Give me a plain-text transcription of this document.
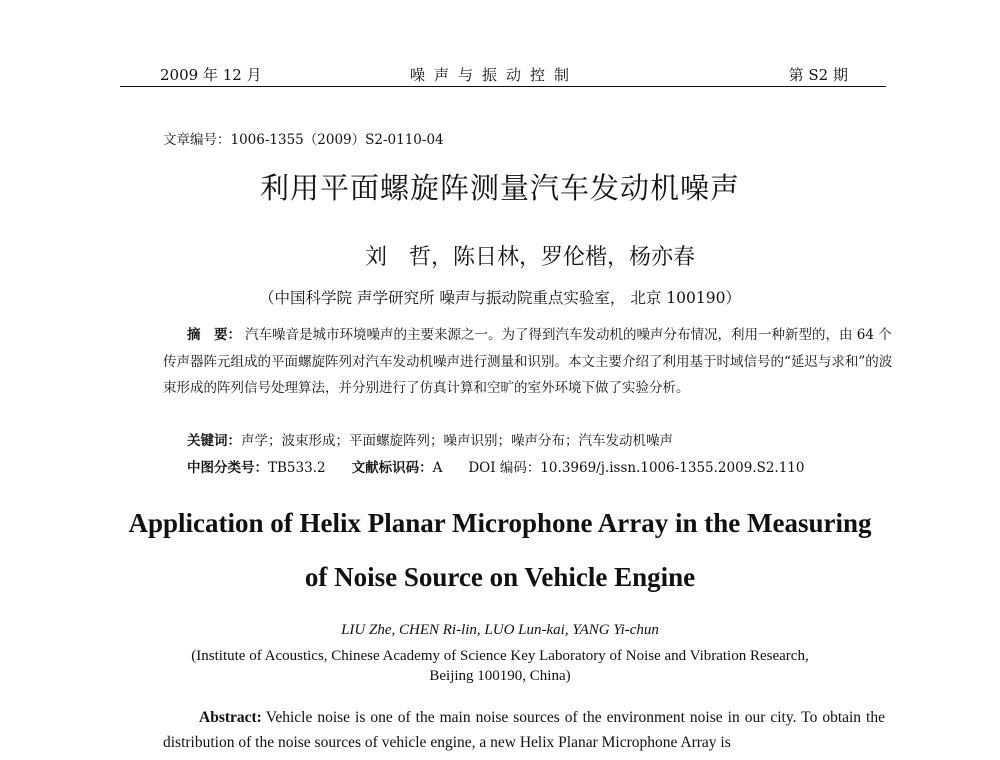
2009 年 12 月	噪声与振动控制	第 S2 期
文章编号：1006-1355（2009）S2-0110-04
利用平面螺旋阵测量汽车发动机噪声
刘　哲，陈日林，罗伦楷，杨亦春
（中国科学院 声学研究所 噪声与振动院重点实验室， 北京 100190）
摘　要： 汽车噪音是城市环境噪声的主要来源之一。为了得到汽车发动机的噪声分布情况，利用一种新型的，由 64 个传声器阵元组成的平面螺旋阵列对汽车发动机噪声进行测量和识别。本文主要介绍了利用基于时域信号的“延迟与求和”的波束形成的阵列信号处理算法，并分别进行了仿真计算和空旷的室外环境下做了实验分析。
关键词：声学；波束形成；平面螺旋阵列；噪声识别；噪声分布；汽车发动机噪声
中图分类号：TB533.2 文献标识码：A DOI 编码：10.3969/j.issn.1006-1355.2009.S2.110
Application of Helix Planar Microphone Array in the Measuring
of Noise Source on Vehicle Engine
LIU Zhe, CHEN Ri-lin, LUO Lun-kai, YANG Yi-chun
(Institute of Acoustics, Chinese Academy of Science Key Laboratory of Noise and Vibration Research,
Beijing 100190, China)
Abstract: Vehicle noise is one of the main noise sources of the environment noise in our city. To obtain the distribution of the noise sources of vehicle engine, a new Helix Planar Microphone Array is
